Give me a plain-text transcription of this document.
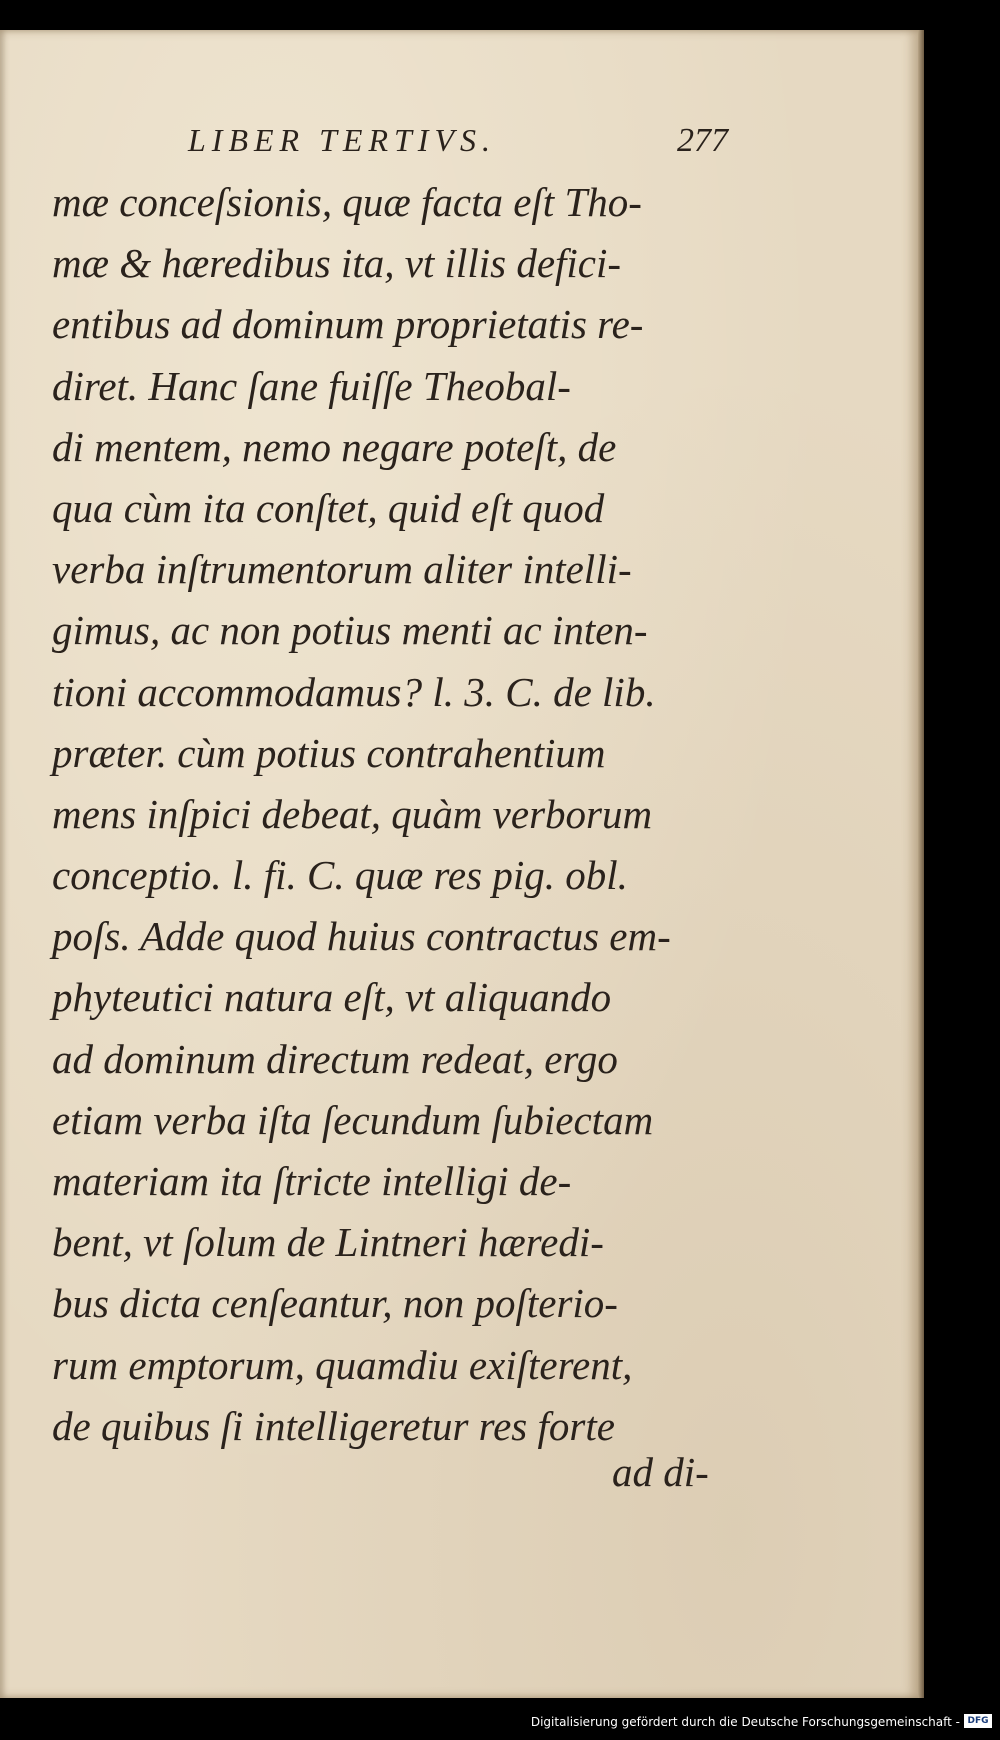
LIBER TERTIVS.	277
mæ conceſsionis, quæ facta eſt Tho-
mæ & hæredibus ita, vt illis defici-
entibus ad dominum proprietatis re-
diret. Hanc ſane fuiſſe Theobal-
di mentem, nemo negare poteſt, de
qua cùm ita conſtet, quid eſt quod
verba inſtrumentorum aliter intelli-
gimus, ac non potius menti ac inten-
tioni accommodamus? l. 3. C. de lib.
præter. cùm potius contrahentium
mens inſpici debeat, quàm verborum
conceptio. l. fi. C. quæ res pig. obl.
poſs. Adde quod huius contractus em-
phyteutici natura eſt, vt aliquando
ad dominum directum redeat, ergo
etiam verba iſta ſecundum ſubiectam
materiam ita ſtricte intelligi de-
bent, vt ſolum de Lintneri hæredi-
bus dicta cenſeantur, non poſterio-
rum emptorum, quamdiu exiſterent,
de quibus ſi intelligeretur res forte
ad di-
Digitalisierung gefördert durch die Deutsche Forschungsgemeinschaft - DFG
